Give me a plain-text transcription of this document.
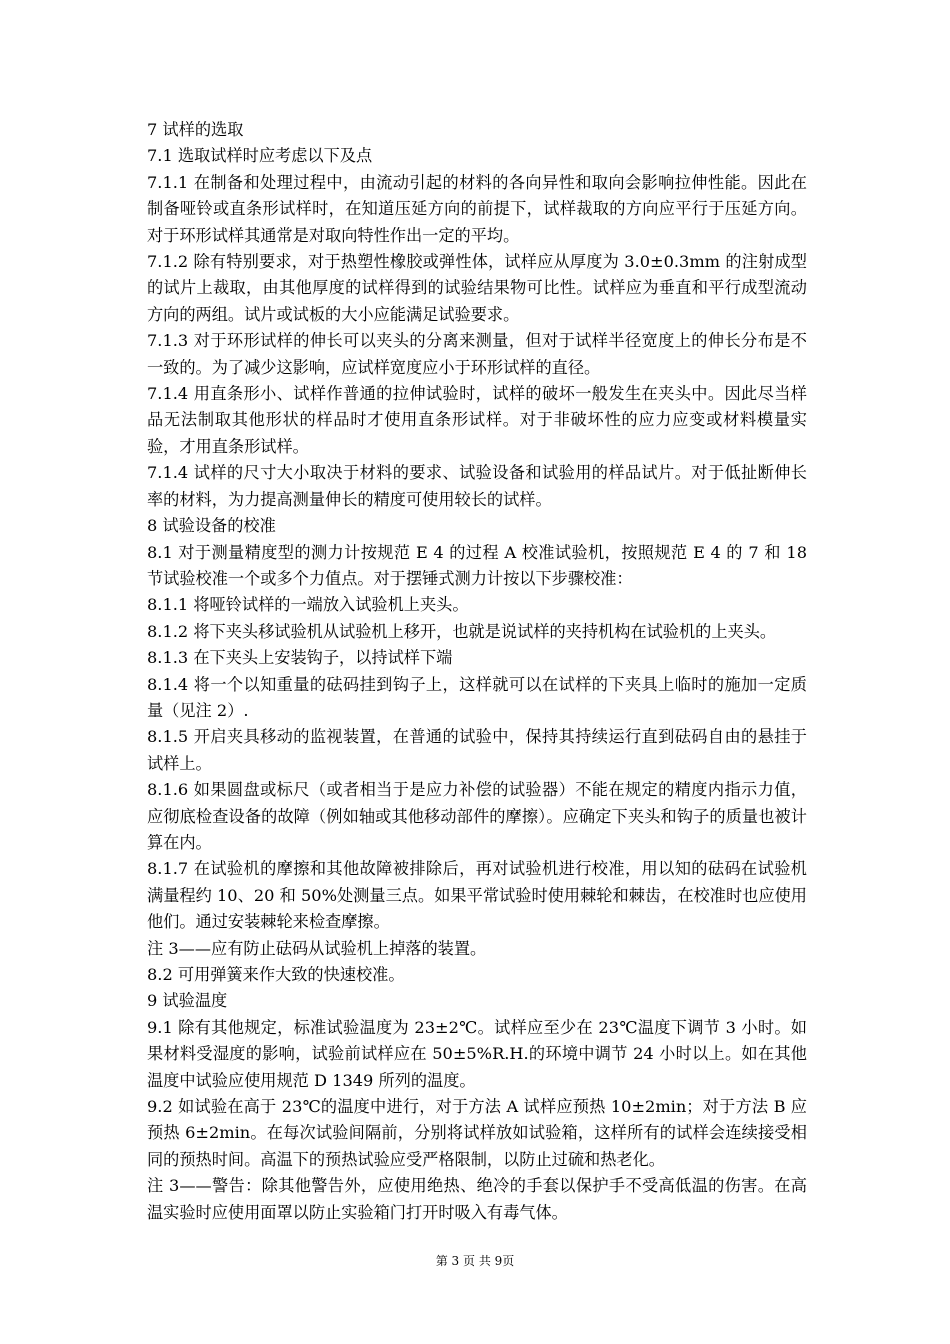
7 试样的选取

7.1 选取试样时应考虑以下及点

7.1.1 在制备和处理过程中，由流动引起的材料的各向异性和取向会影响拉伸性能。因此在制备哑铃或直条形试样时，在知道压延方向的前提下，试样裁取的方向应平行于压延方向。对于环形试样其通常是对取向特性作出一定的平均。

7.1.2 除有特别要求，对于热塑性橡胶或弹性体，试样应从厚度为 3.0±0.3mm 的注射成型的试片上裁取，由其他厚度的试样得到的试验结果物可比性。试样应为垂直和平行成型流动方向的两组。试片或试板的大小应能满足试验要求。

7.1.3 对于环形试样的伸长可以夹头的分离来测量，但对于试样半径宽度上的伸长分布是不一致的。为了减少这影响，应试样宽度应小于环形试样的直径。

7.1.4 用直条形小、试样作普通的拉伸试验时，试样的破坏一般发生在夹头中。因此尽当样品无法制取其他形状的样品时才使用直条形试样。对于非破坏性的应力应变或材料模量实验，才用直条形试样。

7.1.4 试样的尺寸大小取决于材料的要求、试验设备和试验用的样品试片。对于低扯断伸长率的材料，为力提高测量伸长的精度可使用较长的试样。

8 试验设备的校准

8.1 对于测量精度型的测力计按规范 E 4 的过程 A 校准试验机，按照规范 E 4 的 7 和 18 节试验校准一个或多个力值点。对于摆锤式测力计按以下步骤校准：

8.1.1 将哑铃试样的一端放入试验机上夹头。

8.1.2 将下夹头移试验机从试验机上移开，也就是说试样的夹持机构在试验机的上夹头。

8.1.3 在下夹头上安装钩子，以持试样下端

8.1.4 将一个以知重量的砝码挂到钩子上，这样就可以在试样的下夹具上临时的施加一定质量（见注 2）.

8.1.5 开启夹具移动的监视装置，在普通的试验中，保持其持续运行直到砝码自由的悬挂于试样上。

8.1.6 如果圆盘或标尺（或者相当于是应力补偿的试验器）不能在规定的精度内指示力值，应彻底检查设备的故障（例如轴或其他移动部件的摩擦）。应确定下夹头和钩子的质量也被计算在内。

8.1.7 在试验机的摩擦和其他故障被排除后，再对试验机进行校准，用以知的砝码在试验机满量程约 10、20 和 50%处测量三点。如果平常试验时使用棘轮和棘齿，在校准时也应使用他们。通过安装棘轮来检查摩擦。

注 3——应有防止砝码从试验机上掉落的装置。

8.2 可用弹簧来作大致的快速校准。

9 试验温度

9.1 除有其他规定，标准试验温度为 23±2℃。试样应至少在 23℃温度下调节 3 小时。如果材料受湿度的影响，试验前试样应在 50±5%R.H.的环境中调节 24 小时以上。如在其他温度中试验应使用规范 D 1349 所列的温度。

9.2 如试验在高于 23℃的温度中进行，对于方法 A 试样应预热 10±2min；对于方法 B 应预热 6±2min。在每次试验间隔前，分别将试样放如试验箱，这样所有的试样会连续接受相同的预热时间。高温下的预热试验应受严格限制，以防止过硫和热老化。

注 3——警告：除其他警告外，应使用绝热、绝冷的手套以保护手不受高低温的伤害。在高温实验时应使用面罩以防止实验箱门打开时吸入有毒气体。

第 3 页 共 9页
